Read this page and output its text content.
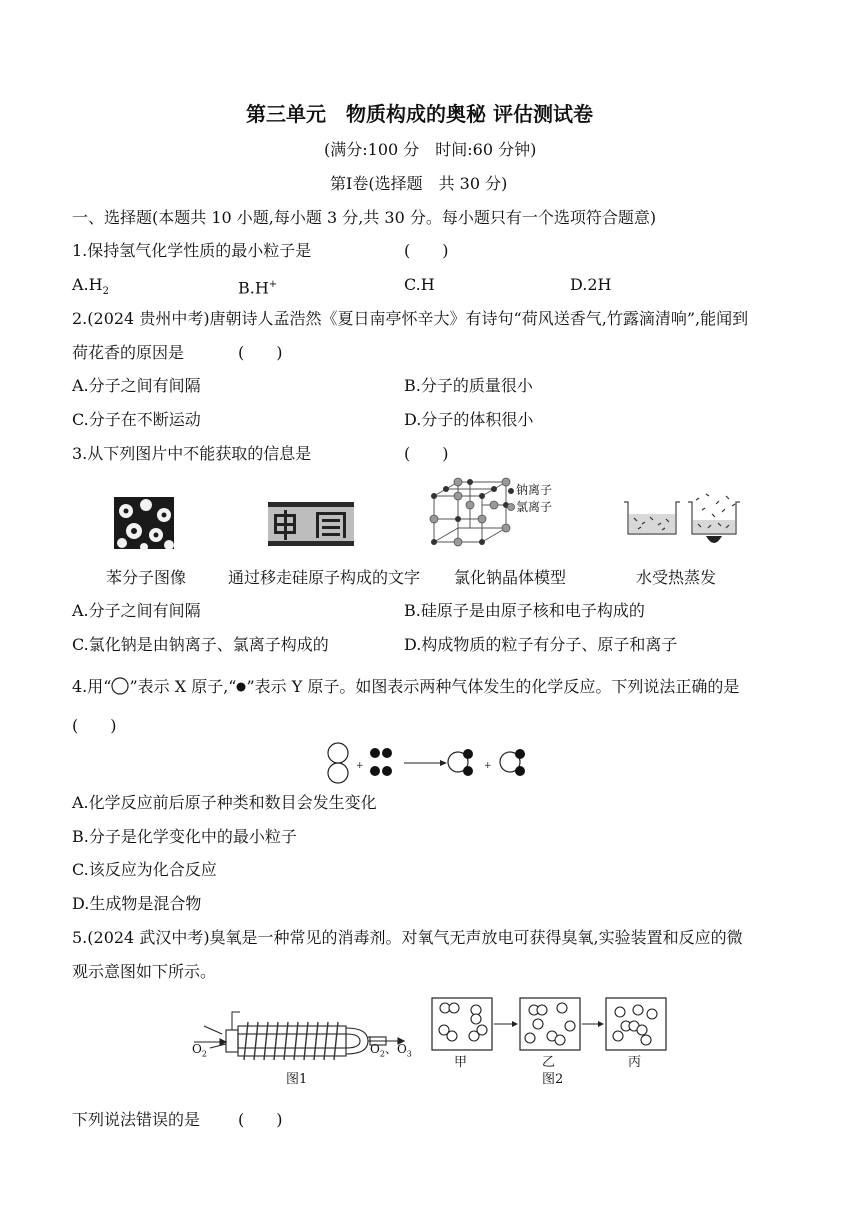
第三单元　物质构成的奥秘 评估测试卷
(满分:100 分　时间:60 分钟)
第Ⅰ卷(选择题　共 30 分)
一、选择题(本题共 10 小题,每小题 3 分,共 30 分。每小题只有一个选项符合题意)
1.保持氢气化学性质的最小粒子是	(　　)
$A.H_2$	B.H+	C.H	D.2H
2.(2024 贵州中考)唐朝诗人孟浩然《夏日南亭怀辛大》有诗句“荷风送香气,竹露滴清响”,能闻到
荷花香的原因是	(　　)
A.分子之间有间隔	B.分子的质量很小
C.分子在不断运动	D.分子的体积很小
3.从下列图片中不能获取的信息是	(　　)
钠离子
氯离子
苯分子图像	通过移走硅原子构成的文字 氯化钠晶体模型	水受热蒸发
A.分子之间有间隔	B.硅原子是由原子核和电子构成的
C.氯化钠是由钠离子、氯离子构成的	D.构成物质的粒子有分子、原子和离子
4.用“ ”表示 X 原子,“ ”表示 Y 原子。如图表示两种气体发生的化学反应。下列说法正确的是
(　　)
+	+
A.化学反应前后原子种类和数目会发生变化
B.分子是化学变化中的最小粒子
C.该反应为化合反应
D.生成物是混合物
5.(2024 武汉中考)臭氧是一种常见的消毒剂。对氧气无声放电可获得臭氧,实验装置和反应的微
观示意图如下所示。
$O_2$	$O_2$、$O_3$
图1
甲	乙	丙
图2
下列说法错误的是 (　　)
